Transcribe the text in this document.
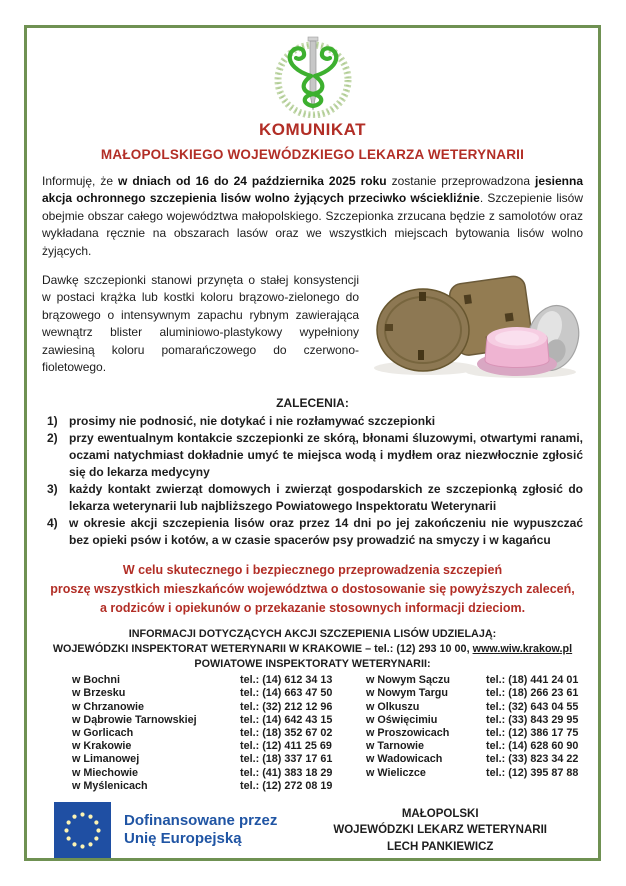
KOMUNIKAT
MAŁOPOLSKIEGO WOJEWÓDZKIEGO LEKARZA WETERYNARII
Informuję, że w dniach od 16 do 24 października 2025 roku zostanie przeprowadzona jesienna akcja ochronnego szczepienia lisów wolno żyjących przeciwko wściekliźnie. Szczepienie lisów obejmie obszar całego województwa małopolskiego. Szczepionka zrzucana będzie z samolotów oraz wykładana ręcznie na obszarach lasów oraz we wszystkich miejscach bytowania lisów wolno żyjących.
Dawkę szczepionki stanowi przynęta o stałej konsystencji w postaci krążka lub kostki koloru brązowo-zielonego do brązowego o intensywnym zapachu rybnym zawierająca wewnątrz blister aluminiowo-plastykowy wypełniony zawiesiną koloru pomarańczowego do czerwono-fioletowego.
ZALECENIA:
1) prosimy nie podnosić, nie dotykać i nie rozłamywać szczepionki
2) przy ewentualnym kontakcie szczepionki ze skórą, błonami śluzowymi, otwartymi ranami, oczami natychmiast dokładnie umyć te miejsca wodą i mydłem oraz niezwłocznie zgłosić się do lekarza medycyny
3) każdy kontakt zwierząt domowych i zwierząt gospodarskich ze szczepionką zgłosić do lekarza weterynarii lub najbliższego Powiatowego Inspektoratu Weterynarii
4) w okresie akcji szczepienia lisów oraz przez 14 dni po jej zakończeniu nie wypuszczać bez opieki psów i kotów, a w czasie spacerów psy prowadzić na smyczy i w kagańcu
W celu skutecznego i bezpiecznego przeprowadzenia szczepień
proszę wszystkich mieszkańców województwa o dostosowanie się powyższych zaleceń,
a rodziców i opiekunów o przekazanie stosownych informacji dzieciom.
INFORMACJI DOTYCZĄCYCH AKCJI SZCZEPIENIA LISÓW UDZIELAJĄ:
WOJEWÓDZKI INSPEKTORAT WETERYNARII W KRAKOWIE – tel.: (12) 293 10 00, www.wiw.krakow.pl
POWIATOWE INSPEKTORATY WETERYNARII:
w Bochni	tel.: (14) 612 34 13	w Nowym Sączu	tel.: (18) 441 24 01
w Brzesku	tel.: (14) 663 47 50	w Nowym Targu	tel.: (18) 266 23 61
w Chrzanowie	tel.: (32) 212 12 96	w Olkuszu	tel.: (32) 643 04 55
w Dąbrowie Tarnowskiej	tel.: (14) 642 43 15	w Oświęcimiu	tel.: (33) 843 29 95
w Gorlicach	tel.: (18) 352 67 02	w Proszowicach	tel.: (12) 386 17 75
w Krakowie	tel.: (12) 411 25 69	w Tarnowie	tel.: (14) 628 60 90
w Limanowej	tel.: (18) 337 17 61	w Wadowicach	tel.: (33) 823 34 22
w Miechowie	tel.: (41) 383 18 29	w Wieliczce	tel.: (12) 395 87 88
w Myślenicach	tel.: (12) 272 08 19
Dofinansowane przez
Unię Europejską
MAŁOPOLSKI
WOJEWÓDZKI LEKARZ WETERYNARII
LECH PANKIEWICZ
